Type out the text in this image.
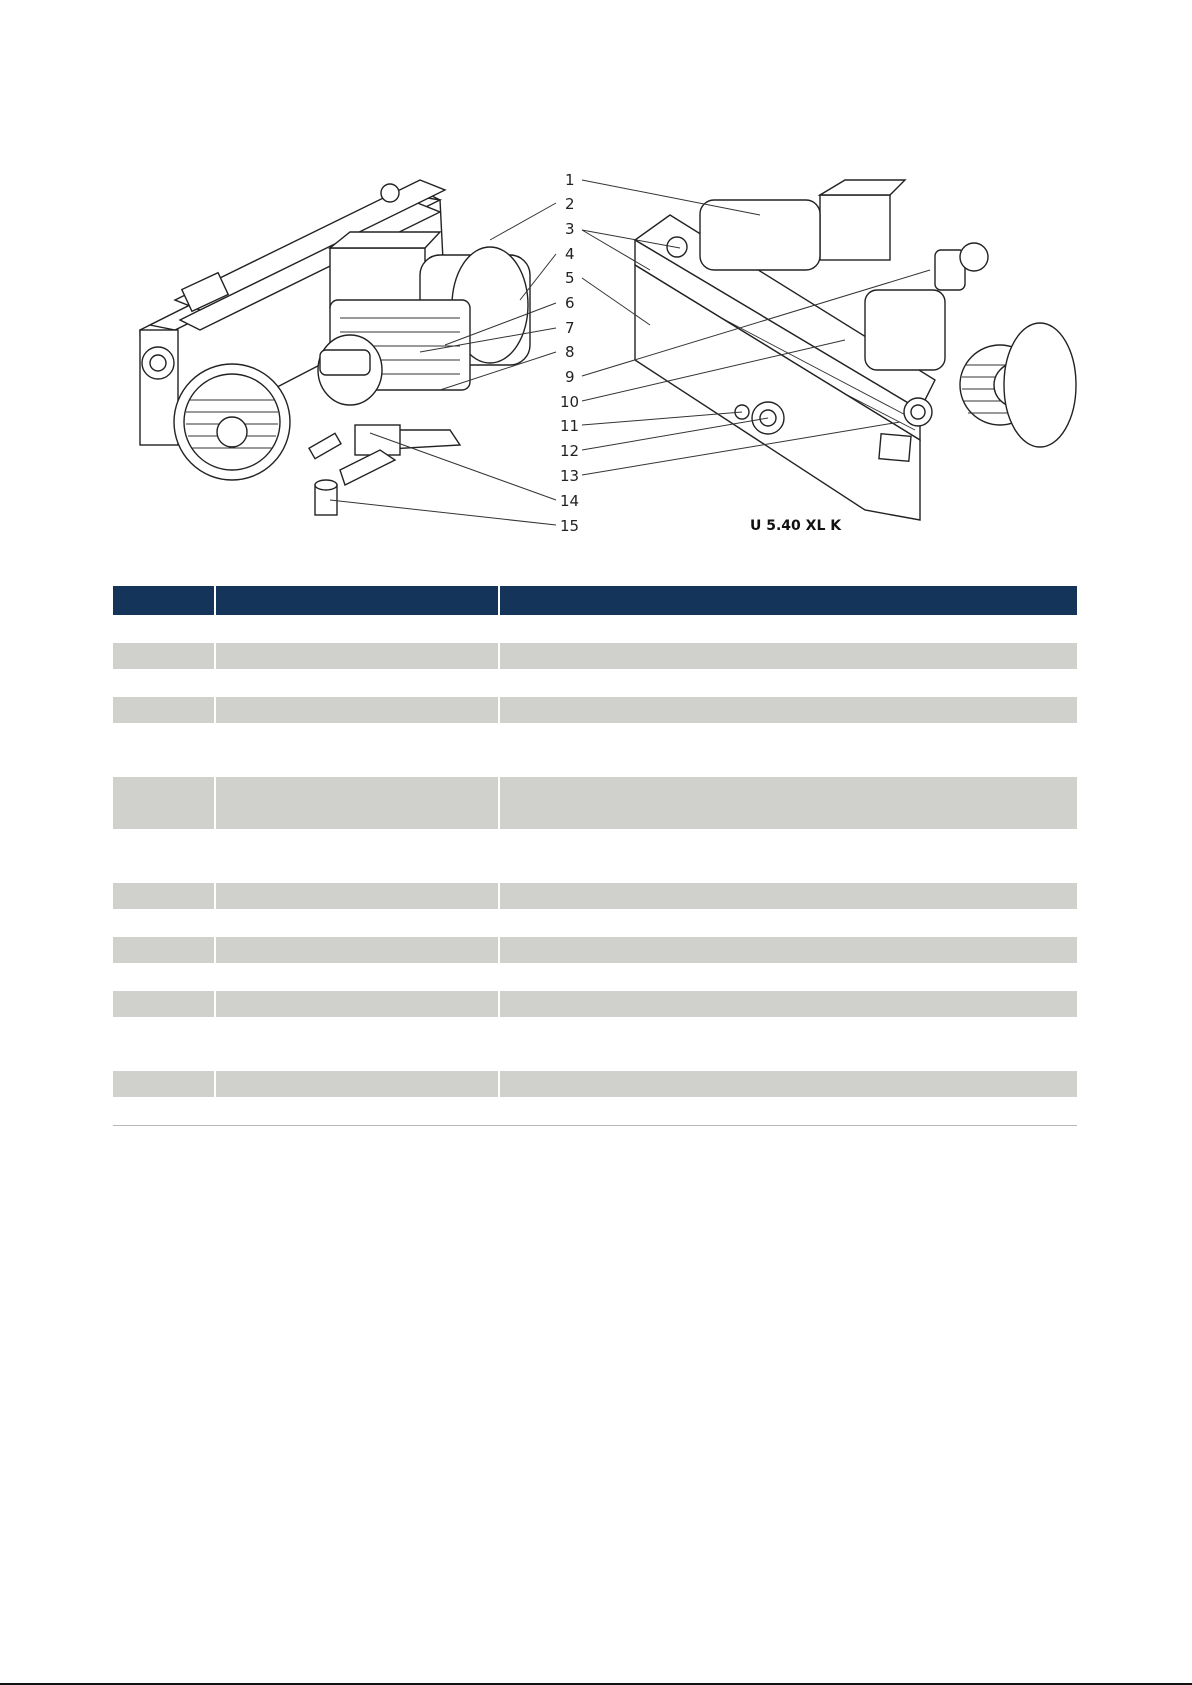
1
2
3
4
5
6
7
8
9
10
11
12
13
14
15	U 5.40 XL K
